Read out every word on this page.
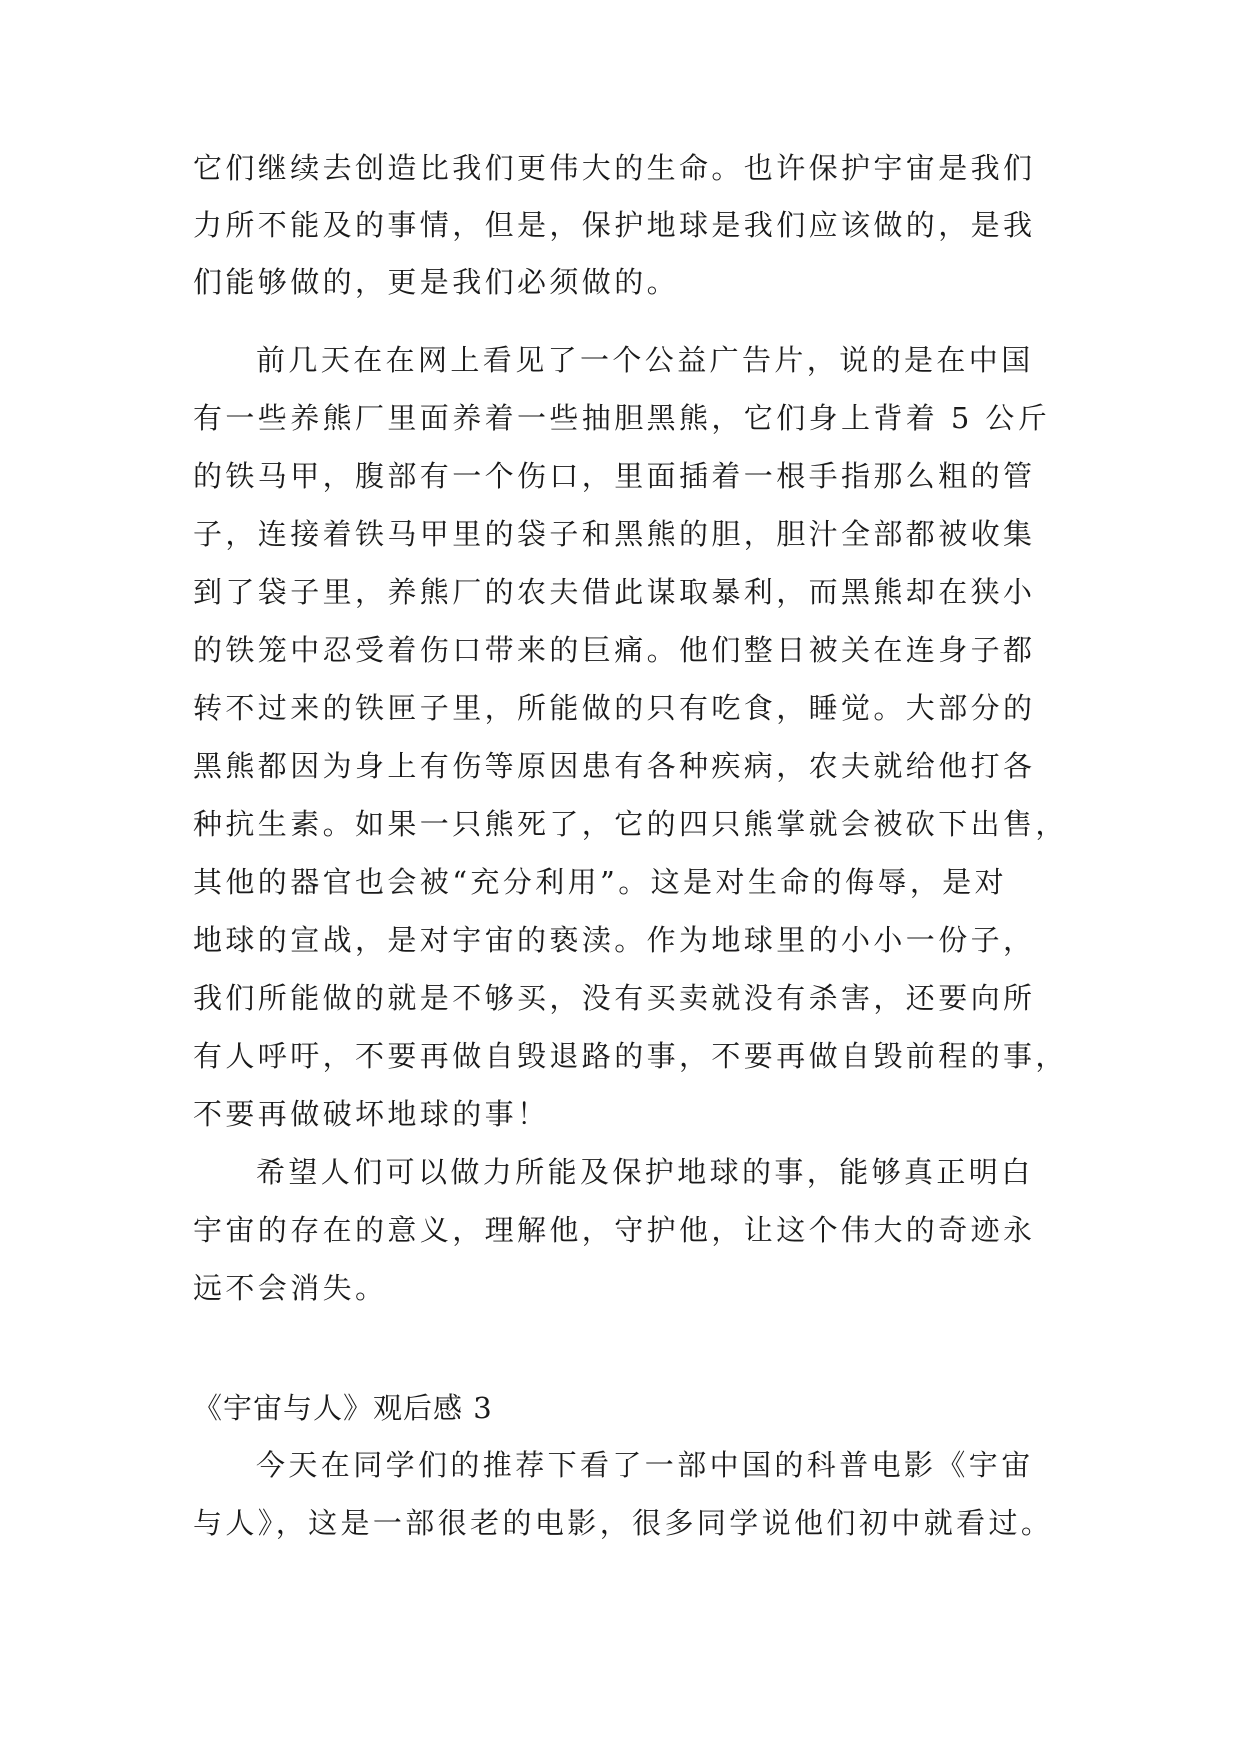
它们继续去创造比我们更伟大的生命。也许保护宇宙是我们
力所不能及的事情，但是，保护地球是我们应该做的，是我
们能够做的，更是我们必须做的。
前几天在在网上看见了一个公益广告片，说的是在中国
有一些养熊厂里面养着一些抽胆黑熊，它们身上背着 5 公斤
的铁马甲，腹部有一个伤口，里面插着一根手指那么粗的管
子，连接着铁马甲里的袋子和黑熊的胆，胆汁全部都被收集
到了袋子里，养熊厂的农夫借此谋取暴利，而黑熊却在狭小
的铁笼中忍受着伤口带来的巨痛。他们整日被关在连身子都
转不过来的铁匣子里，所能做的只有吃食，睡觉。大部分的
黑熊都因为身上有伤等原因患有各种疾病，农夫就给他打各
种抗生素。如果一只熊死了，它的四只熊掌就会被砍下出售，
其他的器官也会被“充分利用”。这是对生命的侮辱，是对
地球的宣战，是对宇宙的亵渎。作为地球里的小小一份子，
我们所能做的就是不够买，没有买卖就没有杀害，还要向所
有人呼吁，不要再做自毁退路的事，不要再做自毁前程的事，
不要再做破坏地球的事！
希望人们可以做力所能及保护地球的事，能够真正明白
宇宙的存在的意义，理解他，守护他，让这个伟大的奇迹永
远不会消失。
《宇宙与人》观后感 3
今天在同学们的推荐下看了一部中国的科普电影《宇宙
与人》，这是一部很老的电影，很多同学说他们初中就看过。
